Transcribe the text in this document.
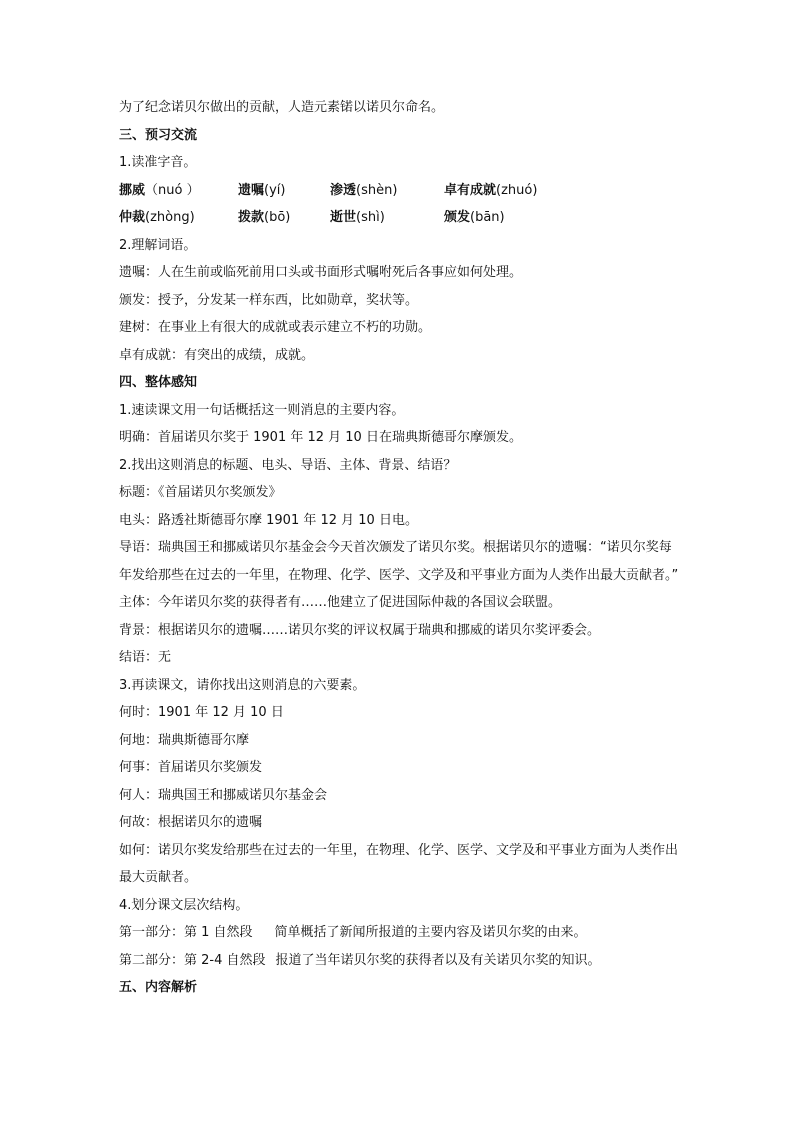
为了纪念诺贝尔做出的贡献，人造元素锘以诺贝尔命名。
三、预习交流
1.读准字音。
挪威（nuó ）	遗嘱(yí)	渗透(shèn)	卓有成就(zhuó)
仲裁(zhòng)	拨款(bō)	逝世(shì)	颁发(bān)
2.理解词语。
遗嘱：人在生前或临死前用口头或书面形式嘱咐死后各事应如何处理。
颁发：授予，分发某一样东西，比如勋章，奖状等。
建树：在事业上有很大的成就或表示建立不朽的功勋。
卓有成就：有突出的成绩，成就。
四、整体感知
1.速读课文用一句话概括这一则消息的主要内容。
明确：首届诺贝尔奖于 1901 年 12 月 10 日在瑞典斯德哥尔摩颁发。
2.找出这则消息的标题、电头、导语、主体、背景、结语？
标题：《首届诺贝尔奖颁发》
电头：路透社斯德哥尔摩 1901 年 12 月 10 日电。
导语：瑞典国王和挪威诺贝尔基金会今天首次颁发了诺贝尔奖。根据诺贝尔的遗嘱：“诺贝尔奖每年发给那些在过去的一年里，在物理、化学、医学、文学及和平事业方面为人类作出最大贡献者。”
主体：今年诺贝尔奖的获得者有……他建立了促进国际仲裁的各国议会联盟。
背景：根据诺贝尔的遗嘱……诺贝尔奖的评议权属于瑞典和挪威的诺贝尔奖评委会。
结语：无
3.再读课文，请你找出这则消息的六要素。
何时：1901 年 12 月 10 日
何地：瑞典斯德哥尔摩
何事：首届诺贝尔奖颁发
何人：瑞典国王和挪威诺贝尔基金会
何故：根据诺贝尔的遗嘱
如何：诺贝尔奖发给那些在过去的一年里，在物理、化学、医学、文学及和平事业方面为人类作出最大贡献者。
4.划分课文层次结构。
第一部分：第 1 自然段 简单概括了新闻所报道的主要内容及诺贝尔奖的由来。
第二部分：第 2-4 自然段 报道了当年诺贝尔奖的获得者以及有关诺贝尔奖的知识。
五、内容解析
